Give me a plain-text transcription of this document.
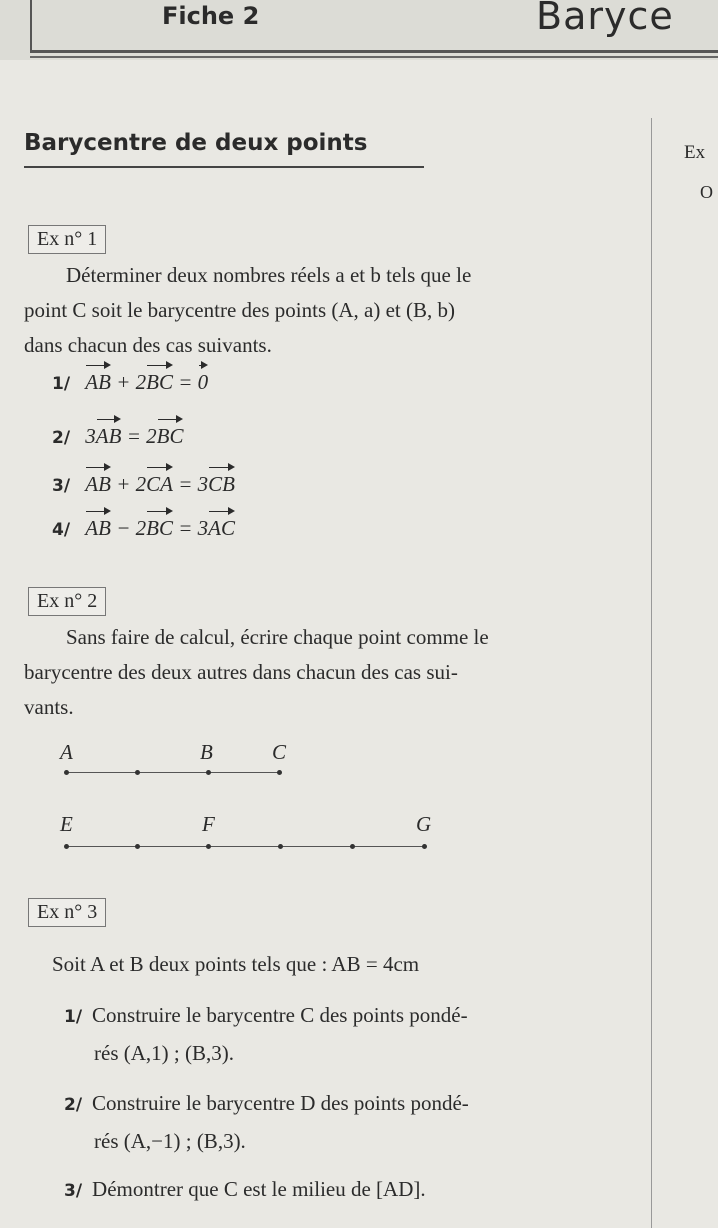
Fiche 2	Baryce
Barycentre de deux points	Ex
O
Ex n° 1
Déterminer deux nombres réels a et b tels que le
point C soit le barycentre des points (A, a) et (B, b)
dans chacun des cas suivants.
1/ AB + 2BC = 0
2/ 3AB = 2BC
3/ AB + 2CA = 3CB
4/ AB − 2BC = 3AC
Ex n° 2
Sans faire de calcul, écrire chaque point comme le
barycentre des deux autres dans chacun des cas sui-
vants.
A	B	C
E	F	G
Ex n° 3
Soit A et B deux points tels que : AB = 4cm
1/ Construire le barycentre C des points pondé-
rés (A,1) ; (B,3).
2/ Construire le barycentre D des points pondé-
rés (A,−1) ; (B,3).
3/ Démontrer que C est le milieu de [AD].
